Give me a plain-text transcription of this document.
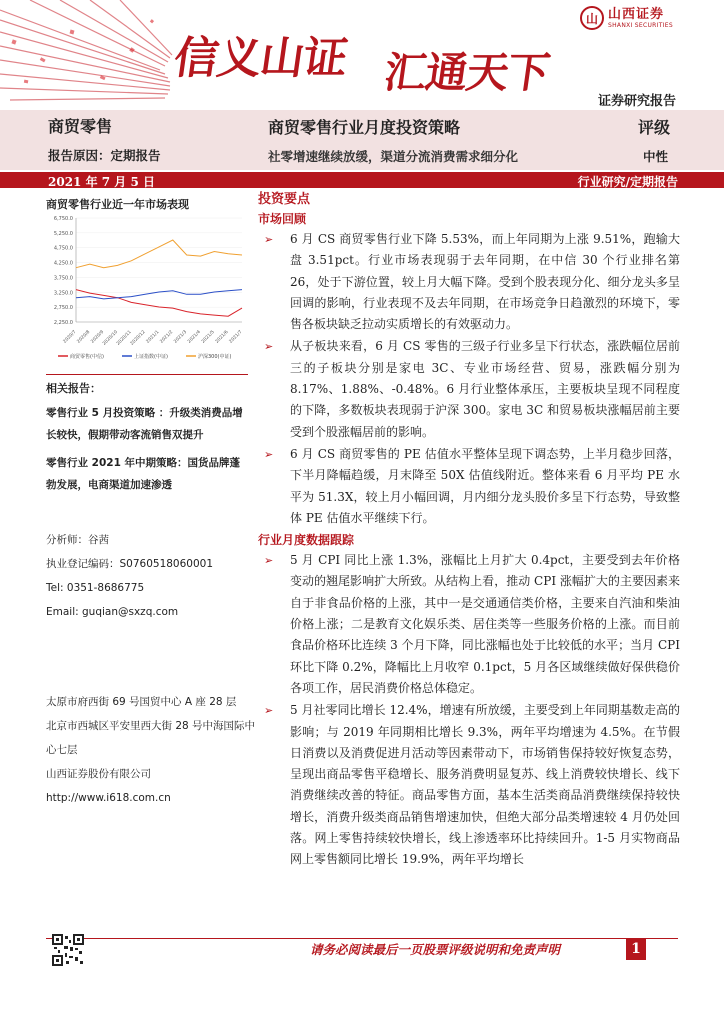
信义山证 汇通天下
山 山西证券
SHANXI SECURITIES
证券研究报告
商贸零售	商贸零售行业月度投资策略	评级
报告原因：定期报告	社零增速继续放缓，渠道分流消费需求细分化	中性
2021 年 7 月 5 日	行业研究/定期报告
商贸零售行业近一年市场表现
6,750.0
5,250.0
4,750.0
4,250.0
3,750.0
3,250.0
2,750.0
2,250.0
2020/7 2020/8 2020/9
2020/10
2020/11
2020/12 2021/1 2021/2 2021/3 2021/4 2021/5 2021/6 2021/7
商贸零售(中信)	上证指数(中证)	沪深300(中证)
相关报告：
零售行业 5 月投资策略 ：升级类消费品增长较快，假期带动客流销售双提升
零售行业 2021 年中期策略：国货品牌蓬勃发展，电商渠道加速渗透
分析师：谷茜
执业登记编码：S0760518060001
Tel: 0351-8686775
Email: guqian@sxzq.com
太原市府西街 69 号国贸中心 A 座 28 层
北京市西城区平安里西大街 28 号中海国际中心七层
山西证券股份有限公司
http://www.i618.com.cn
投资要点
市场回顾
➢ 6 月 CS 商贸零售行业下降 5.53%，而上年同期为上涨 9.51%，跑输大盘 3.51pct。行业市场表现弱于去年同期，在中信 30 个行业排名第 26，处于下游位置，较上月大幅下降。受到个股表现分化、细分龙头多呈回调的影响，行业表现不及去年同期，在市场竞争日趋激烈的环境下，零售各板块缺乏拉动实质增长的有效驱动力。
➢ 从子板块来看，6 月 CS 零售的三级子行业多呈下行状态，涨跌幅位居前三的子板块分别是家电 3C、专业市场经营、贸易，涨跌幅分别为 8.17%、1.88%、-0.48%。6 月行业整体承压，主要板块呈现不同程度的下降，多数板块表现弱于沪深 300。家电 3C 和贸易板块涨幅居前主要受到个股涨幅居前的影响。
➢ 6 月 CS 商贸零售的 PE 估值水平整体呈现下调态势，上半月稳步回落，下半月降幅趋缓，月末降至 50X 估值线附近。整体来看 6 月平均 PE 水平为 51.3X，较上月小幅回调，月内细分龙头股价多呈下行态势，导致整体 PE 估值水平继续下行。
行业月度数据跟踪
➢ 5 月 CPI 同比上涨 1.3%，涨幅比上月扩大 0.4pct，主要受到去年价格变动的翘尾影响扩大所致。从结构上看，推动 CPI 涨幅扩大的主要因素来自于非食品价格的上涨，其中一是交通通信类价格，主要来自汽油和柴油价格上涨；二是教育文化娱乐类、居住类等一些服务价格的上涨。而目前食品价格环比连续 3 个月下降，同比涨幅也处于比较低的水平；当月 CPI 环比下降 0.2%，降幅比上月收窄 0.1pct，5 月各区域继续做好保供稳价各项工作，居民消费价格总体稳定。
➢ 5 月社零同比增长 12.4%，增速有所放缓，主要受到上年同期基数走高的影响；与 2019 年同期相比增长 9.3%，两年平均增速为 4.5%。在节假日消费以及消费促进月活动等因素带动下，市场销售保持较好恢复态势，呈现出商品零售平稳增长、服务消费明显复苏、线上消费较快增长、线下消费继续改善的特征。商品零售方面，基本生活类商品消费继续保持较快增长，消费升级类商品销售增速加快，但绝大部分品类增速较 4 月仍处回落。网上零售持续较快增长，线上渗透率环比持续回升。1-5 月实物商品网上零售额同比增长 19.9%，两年平均增长
请务必阅读最后一页股票评级说明和免责声明	1
